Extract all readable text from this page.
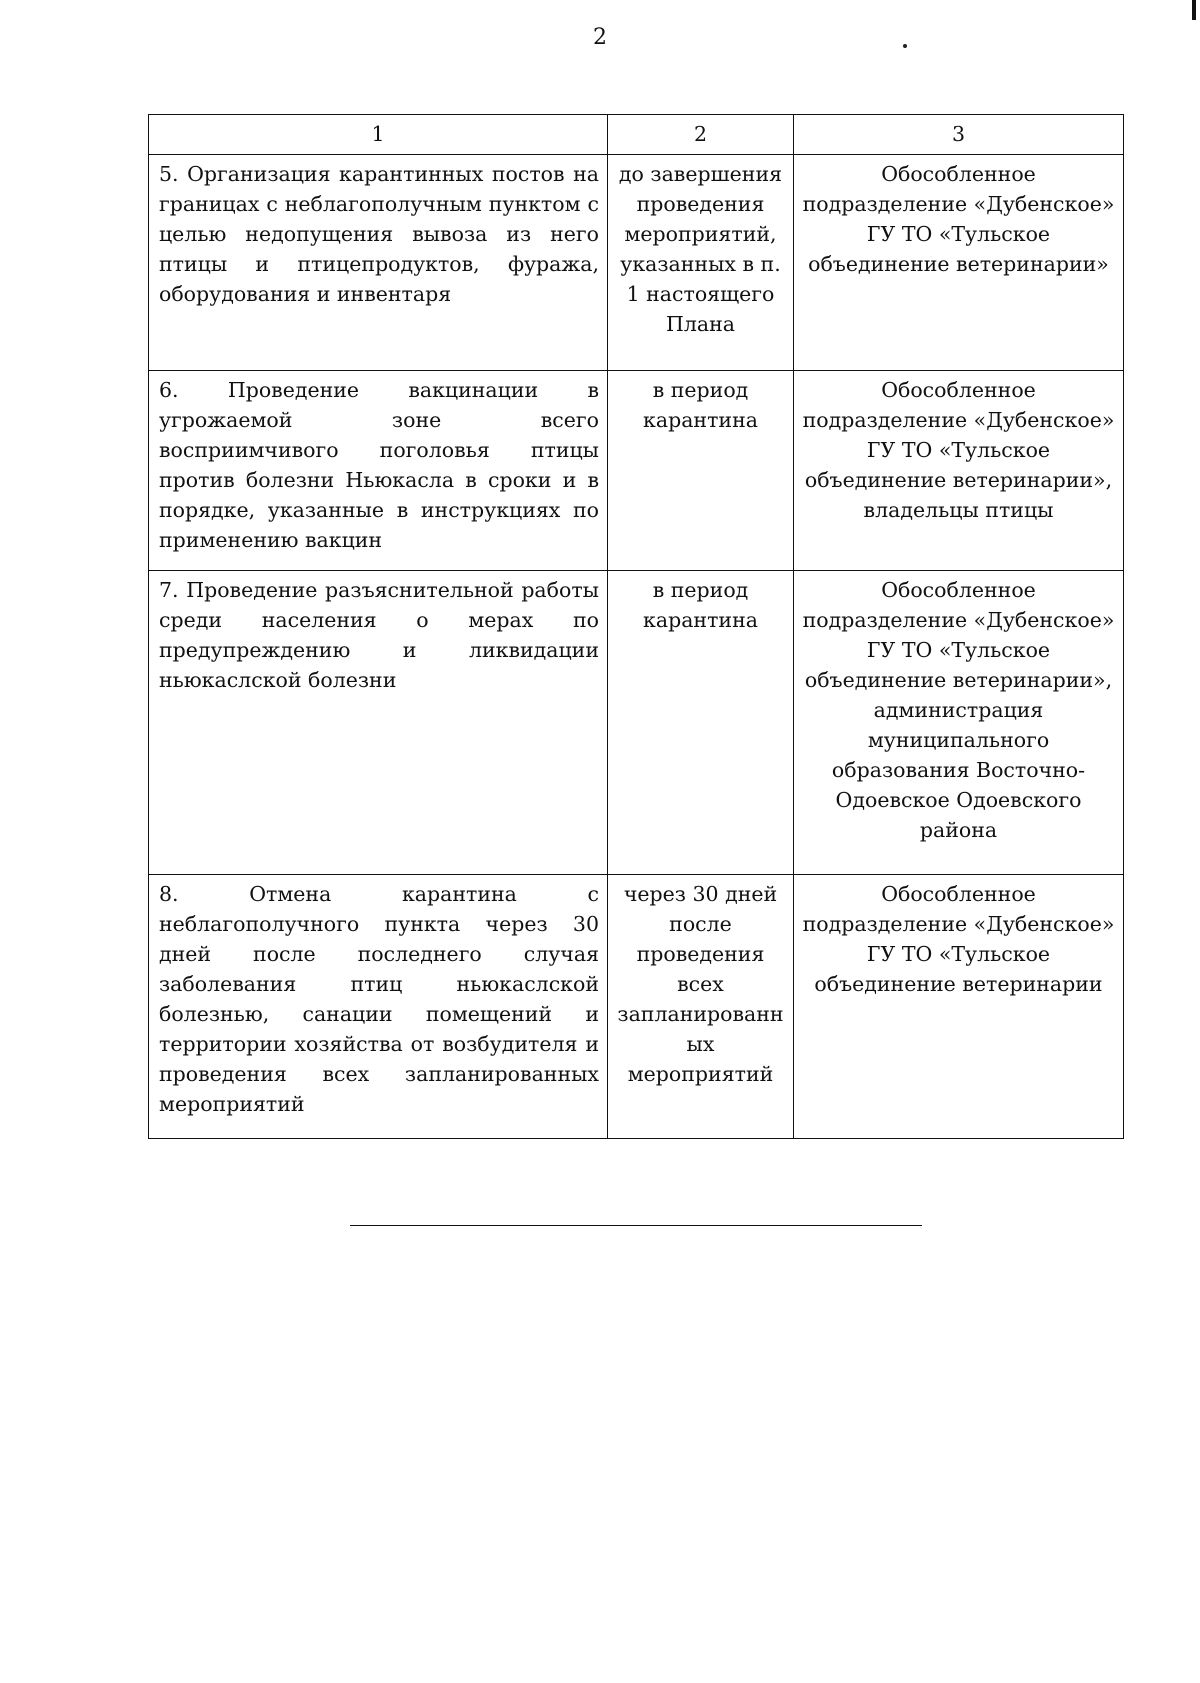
2
1	2	3
5. Организация карантинных постов на границах с неблагополучным пунктом с целью недопущения вывоза из него птицы и птицепродуктов, фуража, оборудования и инвентаря	до завершения проведения мероприятий, указанных в п. 1 настоящего Плана	Обособленное подразделение «Дубенское» ГУ ТО «Тульское объединение ветеринарии»
6. Проведение вакцинации в угрожаемой зоне всего восприимчивого поголовья птицы против болезни Ньюкасла в сроки и в порядке, указанные в инструкциях по применению вакцин	в период карантина	Обособленное подразделение «Дубенское» ГУ ТО «Тульское объединение ветеринарии», владельцы птицы
7. Проведение разъяснительной работы среди населения о мерах по предупреждению и ликвидации ньюкаслской болезни	в период карантина	Обособленное подразделение «Дубенское» ГУ ТО «Тульское объединение ветеринарии», администрация муниципального образования Восточно-Одоевское Одоевского района
8. Отмена карантина с неблагополучного пункта через 30 дней после последнего случая заболевания птиц ньюкаслской болезнью, санации помещений и территории хозяйства от возбудителя и проведения всех запланированных мероприятий	через 30 дней после проведения всех запланированн ых мероприятий	Обособленное подразделение «Дубенское» ГУ ТО «Тульское объединение ветеринарии
